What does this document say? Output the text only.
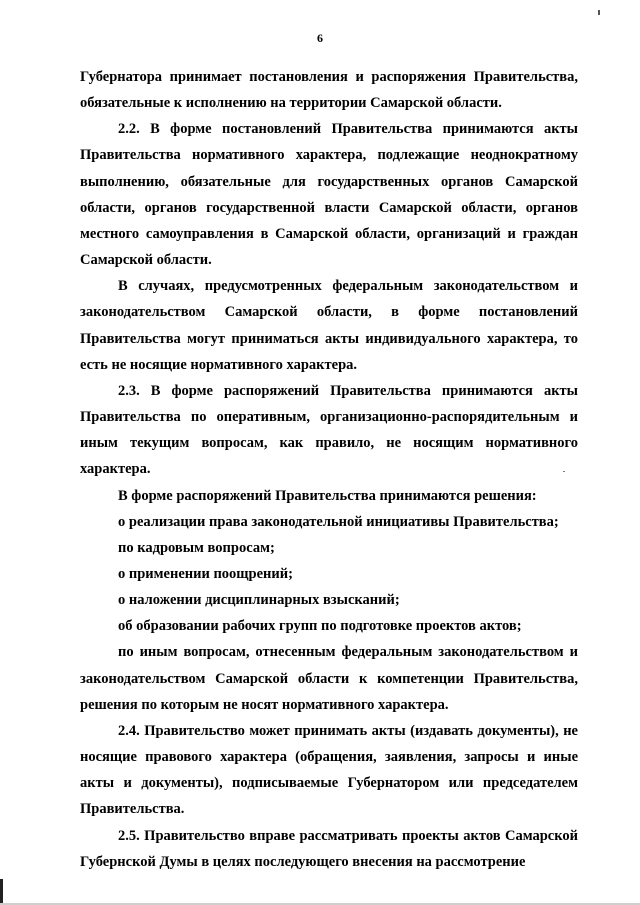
6

Губернатора принимает постановления и распоряжения Правительства, обязательные к исполнению на территории Самарской области.

2.2. В форме постановлений Правительства принимаются акты Правительства нормативного характера, подлежащие неоднократному выполнению, обязательные для государственных органов Самарской области, органов государственной власти Самарской области, органов местного самоуправления в Самарской области, организаций и граждан Самарской области.

В случаях, предусмотренных федеральным законодательством и законодательством Самарской области, в форме постановлений Правительства могут приниматься акты индивидуального характера, то есть не носящие нормативного характера.

2.3. В форме распоряжений Правительства принимаются акты Правительства по оперативным, организационно-распорядительным и иным текущим вопросам, как правило, не носящим нормативного характера.

В форме распоряжений Правительства принимаются решения:

о реализации права законодательной инициативы Правительства;

по кадровым вопросам;

о применении поощрений;

о наложении дисциплинарных взысканий;

об образовании рабочих групп по подготовке проектов актов;

по иным вопросам, отнесенным федеральным законодательством и законодательством Самарской области к компетенции Правительства, решения по которым не носят нормативного характера.

2.4. Правительство может принимать акты (издавать документы), не носящие правового характера (обращения, заявления, запросы и иные акты и документы), подписываемые Губернатором или председателем Правительства.

2.5. Правительство вправе рассматривать проекты актов Самарской Губернской Думы в целях последующего внесения на рассмотрение
